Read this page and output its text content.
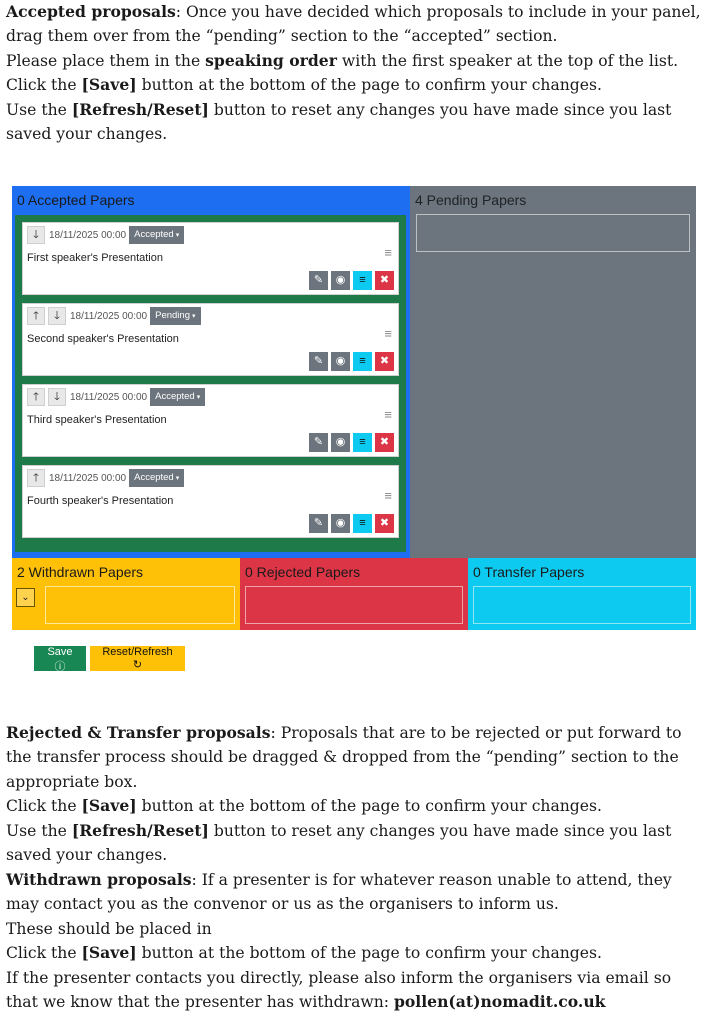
Accepted proposals: Once you have decided which proposals to include in your panel, drag them over from the “pending” section to the “accepted” section.

Please place them in the speaking order with the first speaker at the top of the list.

Click the [Save] button at the bottom of the page to confirm your changes.

Use the [Refresh/Reset] button to reset any changes you have made since you last saved your changes.

0 Accepted Papers
🡓	18/11/2025 00:00 Accepted ▾
First speaker's Presentation	≡
✎	◉	≡	✖
🡑	🡓	18/11/2025 00:00 Pending ▾
Second speaker's Presentation	≡
✎	◉	≡	✖
🡑	🡓	18/11/2025 00:00 Accepted ▾
Third speaker's Presentation	≡
✎	◉	≡	✖
🡑	18/11/2025 00:00 Accepted ▾
Fourth speaker's Presentation	≡
✎	◉	≡	✖
4 Pending Papers
2 Withdrawn Papers
⌄
0 Rejected Papers	0 Transfer Papers
Save ⓘ
Reset/Refresh ↻

Rejected & Transfer proposals: Proposals that are to be rejected or put forward to the transfer process should be dragged & dropped from the “pending” section to the appropriate box.

Click the [Save] button at the bottom of the page to confirm your changes.

Use the [Refresh/Reset] button to reset any changes you have made since you last saved your changes.

Withdrawn proposals: If a presenter is for whatever reason unable to attend, they may contact you as the convenor or us as the organisers to inform us.

These should be placed in

Click the [Save] button at the bottom of the page to confirm your changes.

If the presenter contacts you directly, please also inform the organisers via email so that we know that the presenter has withdrawn: pollen(at)nomadit.co.uk
